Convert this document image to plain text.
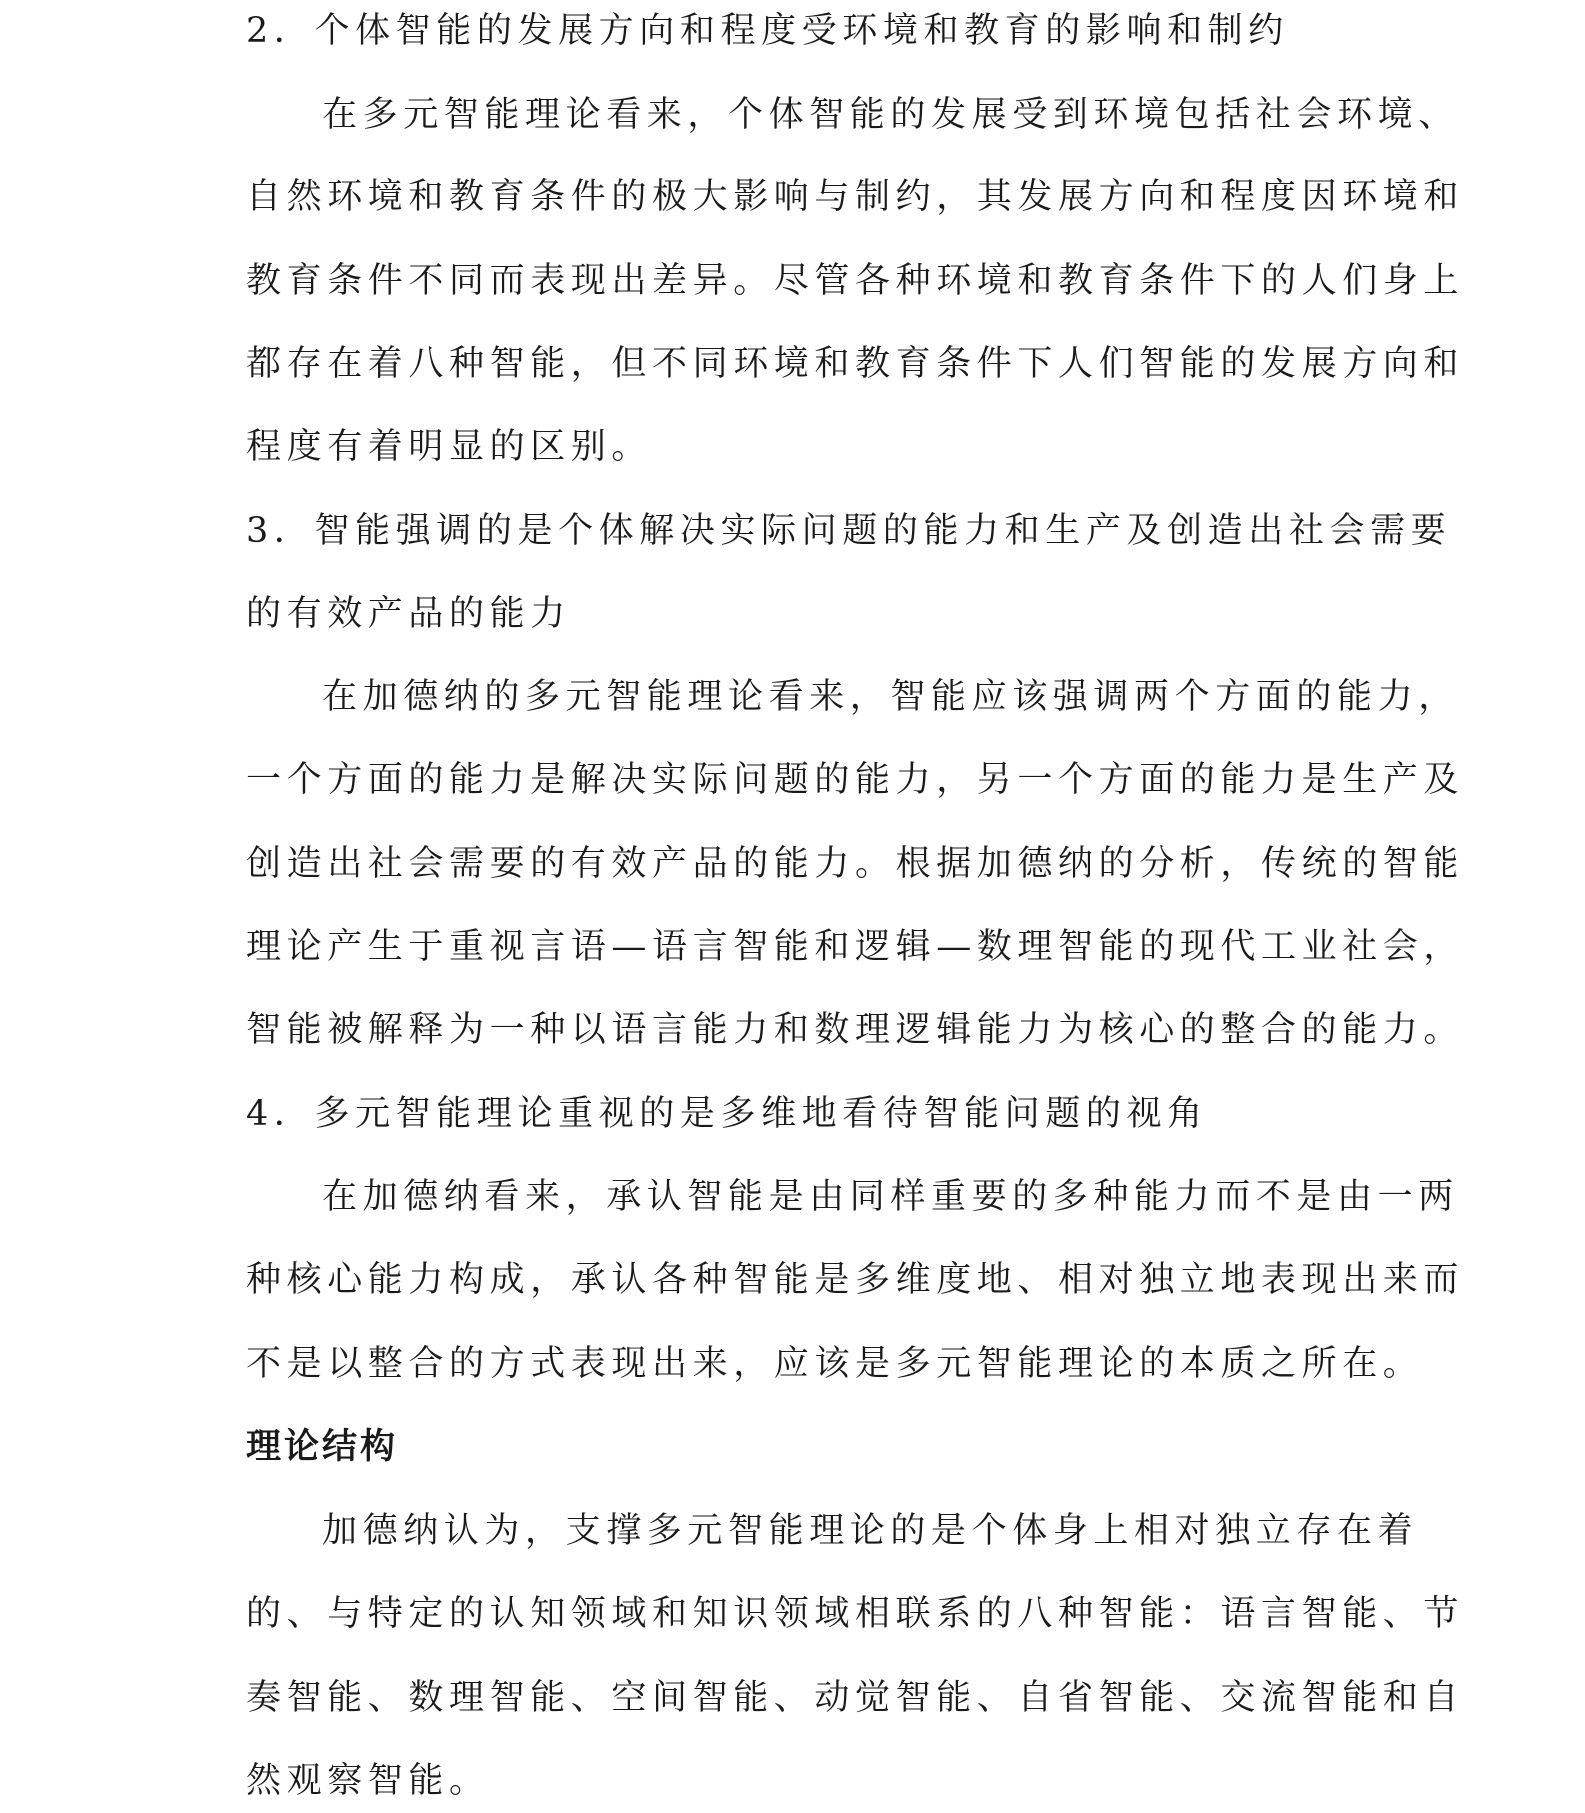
2．个体智能的发展方向和程度受环境和教育的影响和制约
在多元智能理论看来，个体智能的发展受到环境包括社会环境、
自然环境和教育条件的极大影响与制约，其发展方向和程度因环境和
教育条件不同而表现出差异。尽管各种环境和教育条件下的人们身上
都存在着八种智能，但不同环境和教育条件下人们智能的发展方向和
程度有着明显的区别。
3．智能强调的是个体解决实际问题的能力和生产及创造出社会需要
的有效产品的能力
在加德纳的多元智能理论看来，智能应该强调两个方面的能力，
一个方面的能力是解决实际问题的能力，另一个方面的能力是生产及
创造出社会需要的有效产品的能力。根据加德纳的分析，传统的智能
理论产生于重视言语—语言智能和逻辑—数理智能的现代工业社会，
智能被解释为一种以语言能力和数理逻辑能力为核心的整合的能力。
4．多元智能理论重视的是多维地看待智能问题的视角
在加德纳看来，承认智能是由同样重要的多种能力而不是由一两
种核心能力构成，承认各种智能是多维度地、相对独立地表现出来而
不是以整合的方式表现出来，应该是多元智能理论的本质之所在。
理论结构
加德纳认为，支撑多元智能理论的是个体身上相对独立存在着
的、与特定的认知领域和知识领域相联系的八种智能：语言智能、节
奏智能、数理智能、空间智能、动觉智能、自省智能、交流智能和自
然观察智能。
